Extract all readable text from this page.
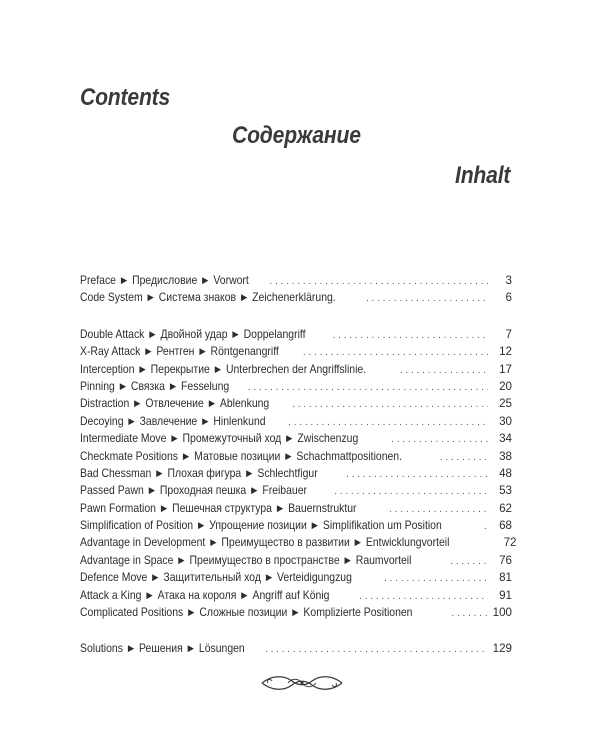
Contents
Содержание
Inhalt
Preface ► Предисловие ► Vorwort . . .	3
Code System ► Система знаков ► Zeichenerklärung. . . .	6
Double Attack ► Двойной удар ► Doppelangriff . . .	7
X-Ray Attack ► Рентген ► Röntgenangriff . . .	12
Interception ► Перекрытие ► Unterbrechen der Angriffslinie. . . .	17
Pinning ► Связка ► Fesselung . . .	20
Distraction ► Отвлечение ► Ablenkung . . .	25
Decoying ► Завлечение ► Hinlenkund . . .	30
Intermediate Move ► Промежуточный ход ► Zwischenzug . . .	34
Checkmate Positions ► Матовые позиции ► Schachmattpositionen. . . .	38
Bad Chessman ► Плохая фигура ► Schlechtfigur . . .	48
Passed Pawn ► Проходная пешка ► Freibauer . . .	53
Pawn Formation ► Пешечная структура ► Bauernstruktur . . .	62
Simplification of Position ► Упрощение позиции ► Simplifikation um Position . . .	68
Advantage in Development ► Преимущество в развитии ► Entwicklungvorteil	72
Advantage in Space ► Преимущество в пространстве ► Raumvorteil . . .	76
Defence Move ► Защитительный ход ► Verteidigungzug . . .	81
Attack a King ► Атака на короля ► Angriff auf König . . .	91
Complicated Positions ► Сложные позиции ► Komplizierte Positionen . . .	100
Solutions ► Решения ► Lösungen . . .	129
